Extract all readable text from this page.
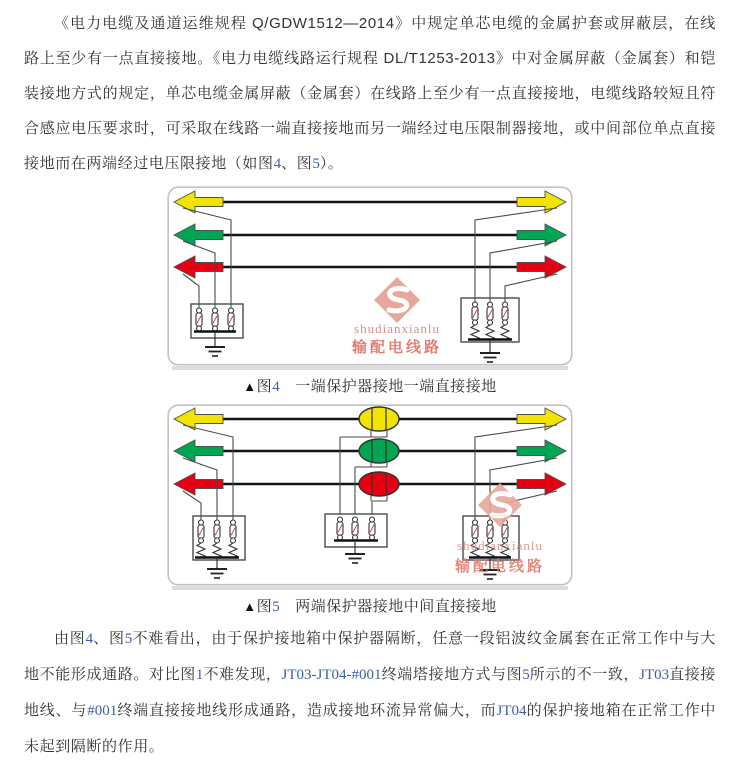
《电力电缆及通道运维规程 Q/GDW1512—2014》中规定单芯电缆的金属护套或屏蔽层，在线路上至少有一点直接接地。《电力电缆线路运行规程 DL/T1253-2013》中对金属屏蔽（金属套）和铠装接地方式的规定，单芯电缆金属屏蔽（金属套）在线路上至少有一点直接接地，电缆线路较短且符合感应电压要求时，可采取在线路一端直接接地而另一端经过电压限制器接地，或中间部位单点直接接地而在两端经过电压限接地（如图4、图5）。

shudianxianlu
输配电线路
▲图4　一端保护器接地一端直接接地
shudianxianlu
输配电线路
▲图5　两端保护器接地中间直接接地

由图4、图5不难看出，由于保护接地箱中保护器隔断，任意一段铝波纹金属套在正常工作中与大地不能形成通路。对比图1不难发现，JT03-JT04-#001终端塔接地方式与图5所示的不一致，JT03直接接地线、与#001终端直接接地线形成通路，造成接地环流异常偏大，而JT04的保护接地箱在正常工作中未起到隔断的作用。
